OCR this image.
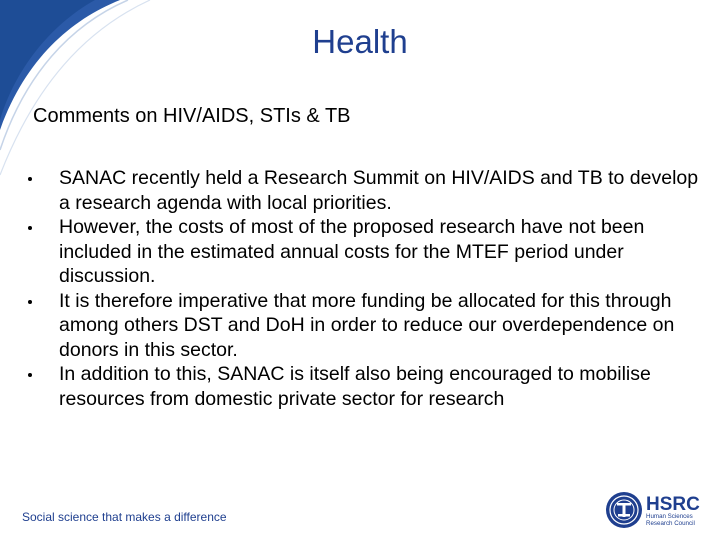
Health
Comments on HIV/AIDS, STIs & TB
SANAC recently held a Research Summit on HIV/AIDS and TB to develop a research agenda with local priorities.
However, the costs of most of the proposed research have not been included in the estimated annual costs for the MTEF period under discussion.
It is therefore imperative that more funding be allocated for this through among others DST and DoH in order to reduce our overdependence on donors in this sector.
In addition to this, SANAC is itself also being encouraged to mobilise resources from domestic private sector for research
Social science that makes a difference
HSRC
Human Sciences
Research Council
